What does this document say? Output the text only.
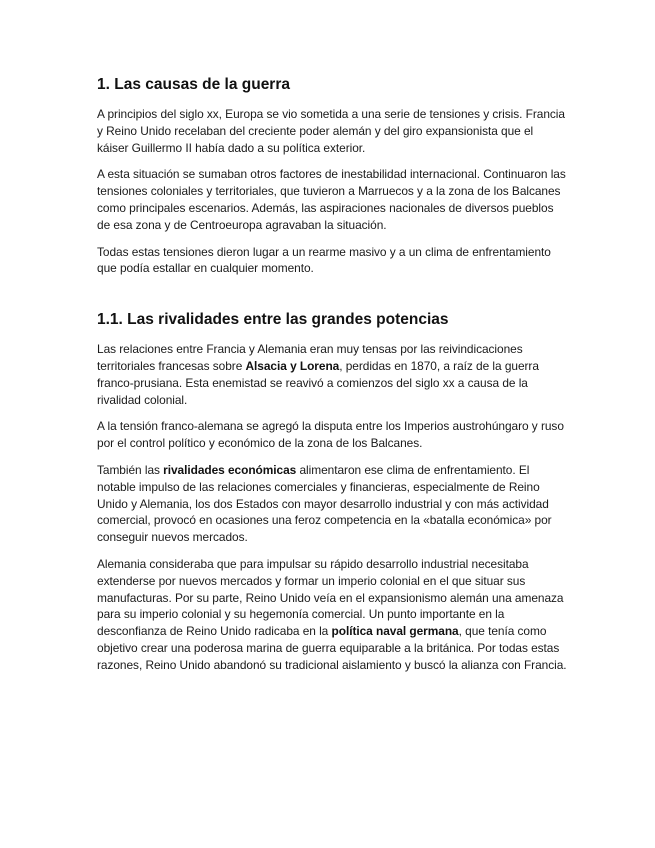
1. Las causas de la guerra

A principios del siglo xx, Europa se vio sometida a una serie de tensiones y crisis. Francia y Reino Unido recelaban del creciente poder alemán y del giro expansionista que el káiser Guillermo II había dado a su política exterior.

A esta situación se sumaban otros factores de inestabilidad internacional. Continuaron las tensiones coloniales y territoriales, que tuvieron a Marruecos y a la zona de los Balcanes como principales escenarios. Además, las aspiraciones nacionales de diversos pueblos de esa zona y de Centroeuropa agravaban la situación.

Todas estas tensiones dieron lugar a un rearme masivo y a un clima de enfrentamiento que podía estallar en cualquier momento.

1.1. Las rivalidades entre las grandes potencias

Las relaciones entre Francia y Alemania eran muy tensas por las reivindicaciones territoriales francesas sobre Alsacia y Lorena, perdidas en 1870, a raíz de la guerra franco-prusiana. Esta enemistad se reavivó a comienzos del siglo xx a causa de la rivalidad colonial.

A la tensión franco-alemana se agregó la disputa entre los Imperios austrohúngaro y ruso por el control político y económico de la zona de los Balcanes.

También las rivalidades económicas alimentaron ese clima de enfrentamiento. El notable impulso de las relaciones comerciales y financieras, especialmente de Reino Unido y Alemania, los dos Estados con mayor desarrollo industrial y con más actividad comercial, provocó en ocasiones una feroz competencia en la «batalla económica» por conseguir nuevos mercados.

Alemania consideraba que para impulsar su rápido desarrollo industrial necesitaba extenderse por nuevos mercados y formar un imperio colonial en el que situar sus manufacturas. Por su parte, Reino Unido veía en el expansionismo alemán una amenaza para su imperio colonial y su hegemonía comercial. Un punto importante en la desconfianza de Reino Unido radicaba en la política naval germana, que tenía como objetivo crear una poderosa marina de guerra equiparable a la británica. Por todas estas razones, Reino Unido abandonó su tradicional aislamiento y buscó la alianza con Francia.
